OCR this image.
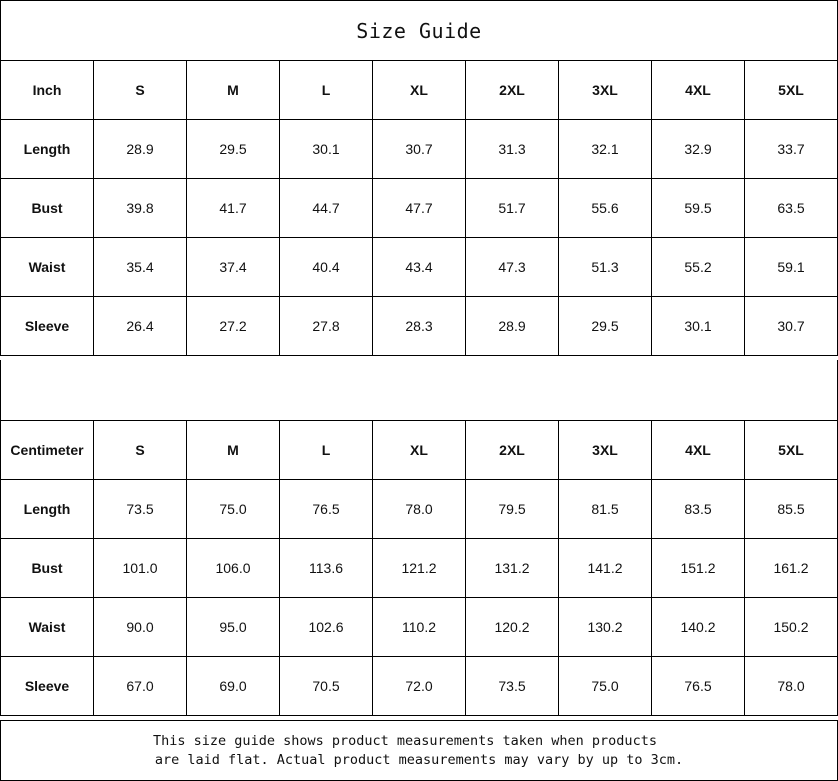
Size Guide
Inch	S	M	L	XL	2XL	3XL	4XL	5XL
Length	28.9	29.5	30.1	30.7	31.3	32.1	32.9	33.7
Bust	39.8	41.7	44.7	47.7	51.7	55.6	59.5	63.5
Waist	35.4	37.4	40.4	43.4	47.3	51.3	55.2	59.1
Sleeve	26.4	27.2	27.8	28.3	28.9	29.5	30.1	30.7
Centimeter	S	M	L	XL	2XL	3XL	4XL	5XL
Length	73.5	75.0	76.5	78.0	79.5	81.5	83.5	85.5
Bust	101.0	106.0	113.6	121.2	131.2	141.2	151.2	161.2
Waist	90.0	95.0	102.6	110.2	120.2	130.2	140.2	150.2
Sleeve	67.0	69.0	70.5	72.0	73.5	75.0	76.5	78.0
This size guide shows product measurements taken when products
are laid flat. Actual product measurements may vary by up to 3cm.
